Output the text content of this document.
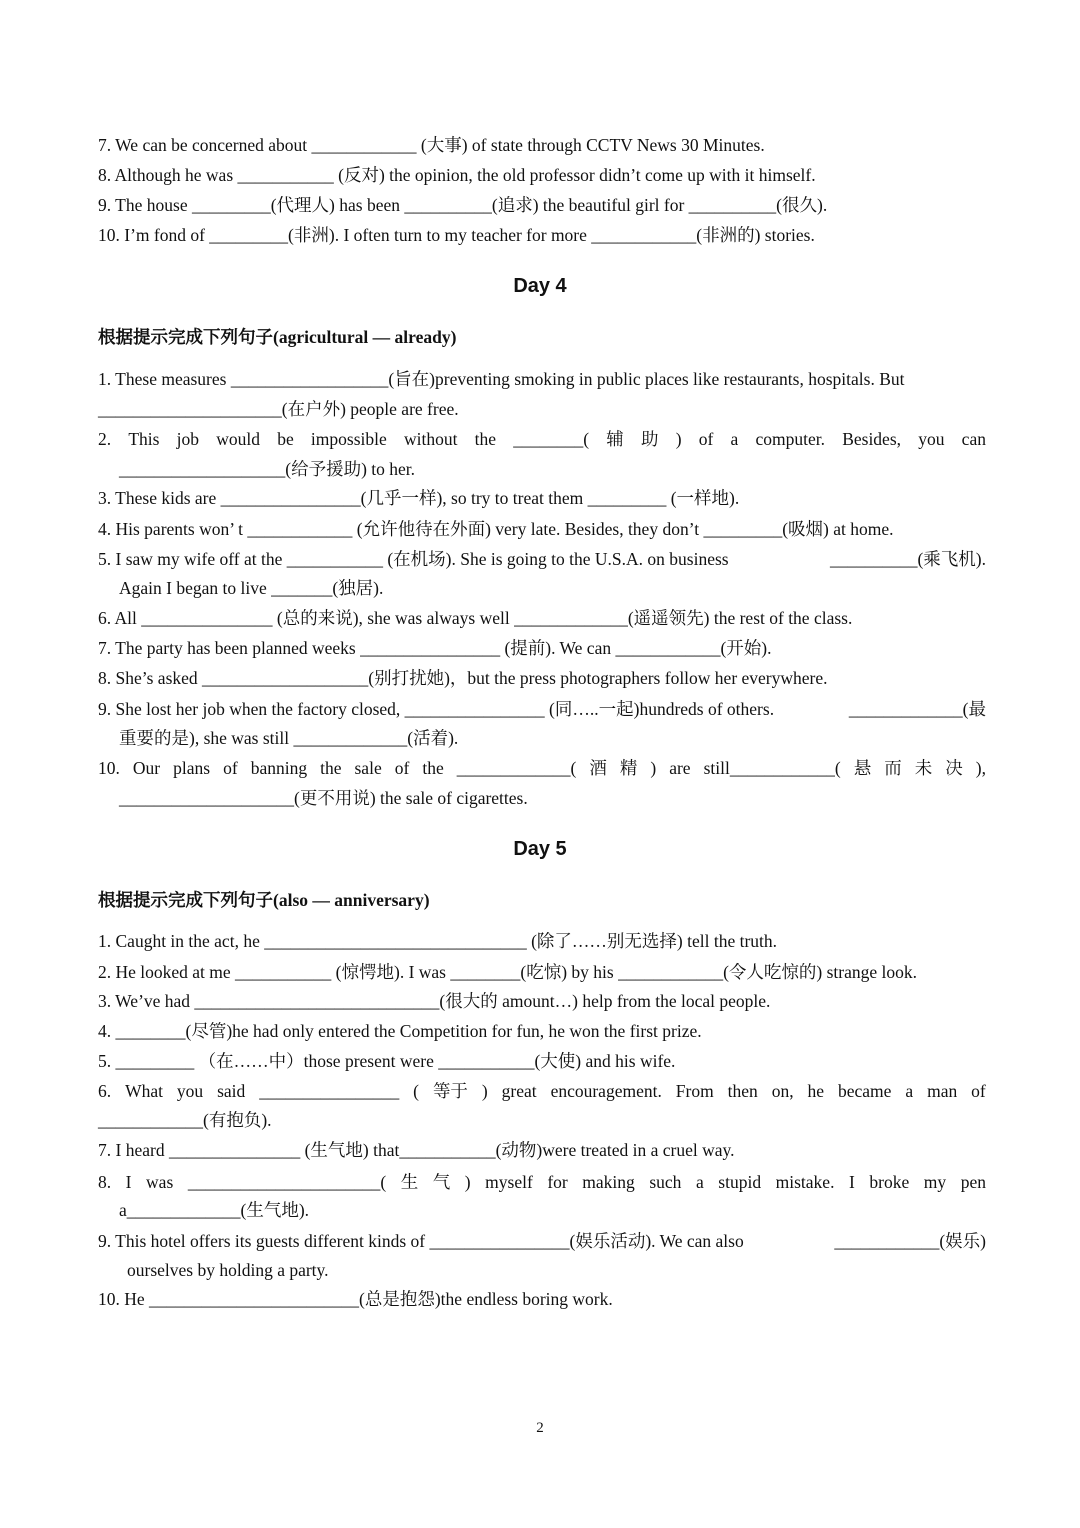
7. We can be concerned about ____________ (大事) of state through CCTV News 30 Minutes.
8. Although he was ___________ (反对) the opinion, the old professor didn’t come up with it himself.
9. The house _________(代理人) has been __________(追求) the beautiful girl for __________(很久).
10. I’m fond of _________(非洲). I often turn to my teacher for more ____________(非洲的) stories.
Day 4
根据提示完成下列句子(agricultural — already)
1. These measures __________________(旨在)preventing smoking in public places like restaurants, hospitals. But
_____________________(在户外) people are free.
2. This job would be impossible without the ________( 辅 助 ) of a computer. Besides, you can
___________________(给予援助) to her.
3. These kids are ________________(几乎一样), so try to treat them _________ (一样地).
4. His parents won’ t ____________ (允许他待在外面) very late. Besides, they don’t _________(吸烟) at home.
5. I saw my wife off at the ___________ (在机场). She is going to the U.S.A. on business	__________(乘飞机).
Again I began to live _______(独居).
6. All _______________ (总的来说), she was always well _____________(遥遥领先) the rest of the class.
7. The party has been planned weeks ________________ (提前). We can ____________(开始).
8. She’s asked ___________________(别打扰她)，but the press photographers follow her everywhere.
9. She lost her job when the factory closed, ________________ (同…..一起)hundreds of others.	_____________(最
重要的是), she was still _____________(活着).
10. Our plans of banning the sale of the _____________( 酒 精 ) are still____________( 悬 而 未 决 ),
____________________(更不用说) the sale of cigarettes.
Day 5
根据提示完成下列句子(also — anniversary)
1. Caught in the act, he ______________________________ (除了……别无选择) tell the truth.
2. He looked at me ___________ (惊愕地). I was ________(吃惊) by his ____________(令人吃惊的) strange look.
3. We’ve had ____________________________(很大的 amount…) help from the local people.
4. ________(尽管)he had only entered the Competition for fun, he won the first prize.
5. _________ （在……中）those present were ___________(大使) and his wife.
6. What you said ________________ ( 等于 ) great encouragement. From then on, he became a man of
____________(有抱负).
7. I heard _______________ (生气地) that___________(动物)were treated in a cruel way.
8. I was ______________________( 生 气 ) myself for making such a stupid mistake. I broke my pen
a_____________(生气地).
9. This hotel offers its guests different kinds of ________________(娱乐活动). We can also	____________(娱乐)
ourselves by holding a party.
10. He ________________________(总是抱怨)the endless boring work.
2
